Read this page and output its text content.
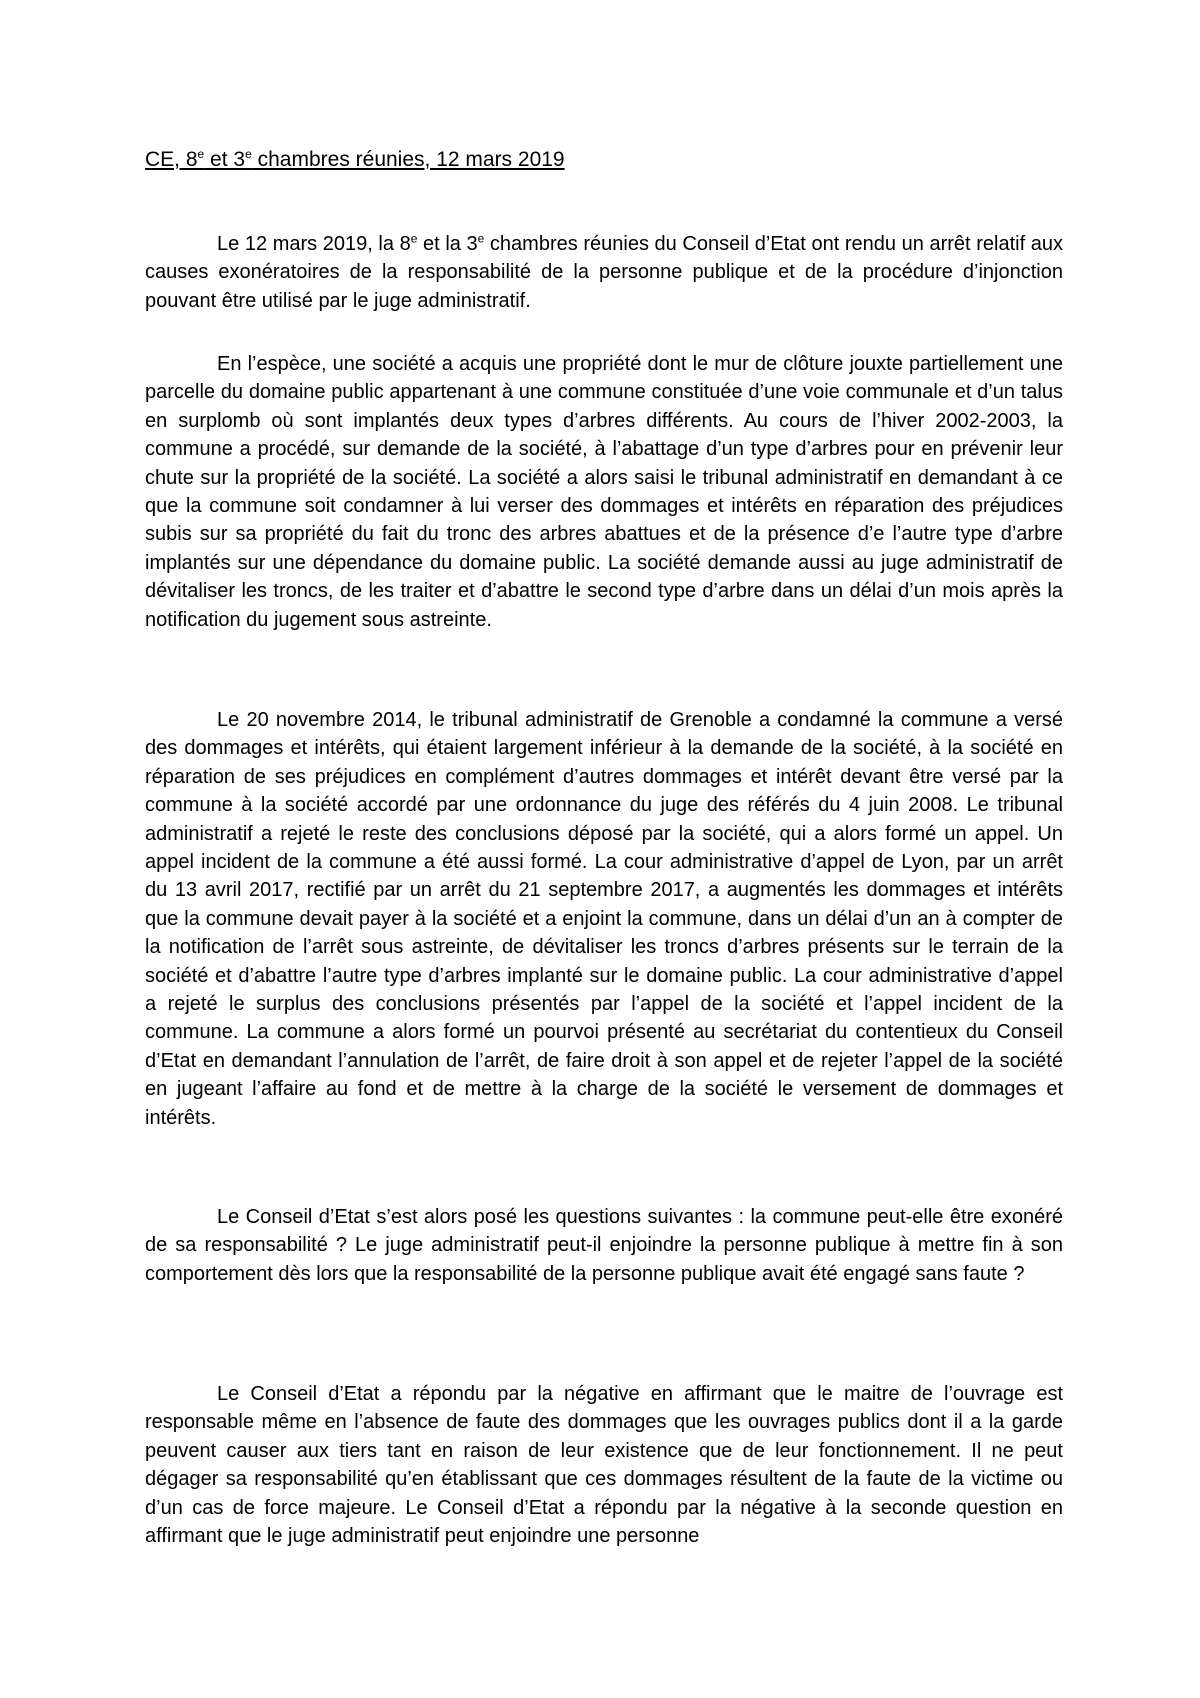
CE, 8e et 3e chambres réunies, 12 mars 2019

Le 12 mars 2019, la 8e et la 3e chambres réunies du Conseil d’Etat ont rendu un arrêt relatif aux causes exonératoires de la responsabilité de la personne publique et de la procédure d’injonction pouvant être utilisé par le juge administratif.

En l’espèce, une société a acquis une propriété dont le mur de clôture jouxte partiellement une parcelle du domaine public appartenant à une commune constituée d’une voie communale et d’un talus en surplomb où sont implantés deux types d’arbres différents. Au cours de l’hiver 2002-2003, la commune a procédé, sur demande de la société, à l’abattage d’un type d’arbres pour en prévenir leur chute sur la propriété de la société. La société a alors saisi le tribunal administratif en demandant à ce que la commune soit condamner à lui verser des dommages et intérêts en réparation des préjudices subis sur sa propriété du fait du tronc des arbres abattues et de la présence d’e l’autre type d’arbre implantés sur une dépendance du domaine public. La société demande aussi au juge administratif de dévitaliser les troncs, de les traiter et d’abattre le second type d’arbre dans un délai d’un mois après la notification du jugement sous astreinte.

Le 20 novembre 2014, le tribunal administratif de Grenoble a condamné la commune a versé des dommages et intérêts, qui étaient largement inférieur à la demande de la société, à la société en réparation de ses préjudices en complément d’autres dommages et intérêt devant être versé par la commune à la société accordé par une ordonnance du juge des référés du 4 juin 2008. Le tribunal administratif a rejeté le reste des conclusions déposé par la société, qui a alors formé un appel. Un appel incident de la commune a été aussi formé. La cour administrative d’appel de Lyon, par un arrêt du 13 avril 2017, rectifié par un arrêt du 21 septembre 2017, a augmentés les dommages et intérêts que la commune devait payer à la société et a enjoint la commune, dans un délai d’un an à compter de la notification de l’arrêt sous astreinte, de dévitaliser les troncs d’arbres présents sur le terrain de la société et d’abattre l’autre type d’arbres implanté sur le domaine public. La cour administrative d’appel a rejeté le surplus des conclusions présentés par l’appel de la société et l’appel incident de la commune. La commune a alors formé un pourvoi présenté au secrétariat du contentieux du Conseil d’Etat en demandant l’annulation de l’arrêt, de faire droit à son appel et de rejeter l’appel de la société en jugeant l’affaire au fond et de mettre à la charge de la société le versement de dommages et intérêts.

Le Conseil d’Etat s’est alors posé les questions suivantes : la commune peut-elle être exonéré de sa responsabilité ? Le juge administratif peut-il enjoindre la personne publique à mettre fin à son comportement dès lors que la responsabilité de la personne publique avait été engagé sans faute ?

Le Conseil d’Etat a répondu par la négative en affirmant que le maitre de l’ouvrage est responsable même en l’absence de faute des dommages que les ouvrages publics dont il a la garde peuvent causer aux tiers tant en raison de leur existence que de leur fonctionnement. Il ne peut dégager sa responsabilité qu’en établissant que ces dommages résultent de la faute de la victime ou d’un cas de force majeure. Le Conseil d’Etat a répondu par la négative à la seconde question en affirmant que le juge administratif peut enjoindre une personne
